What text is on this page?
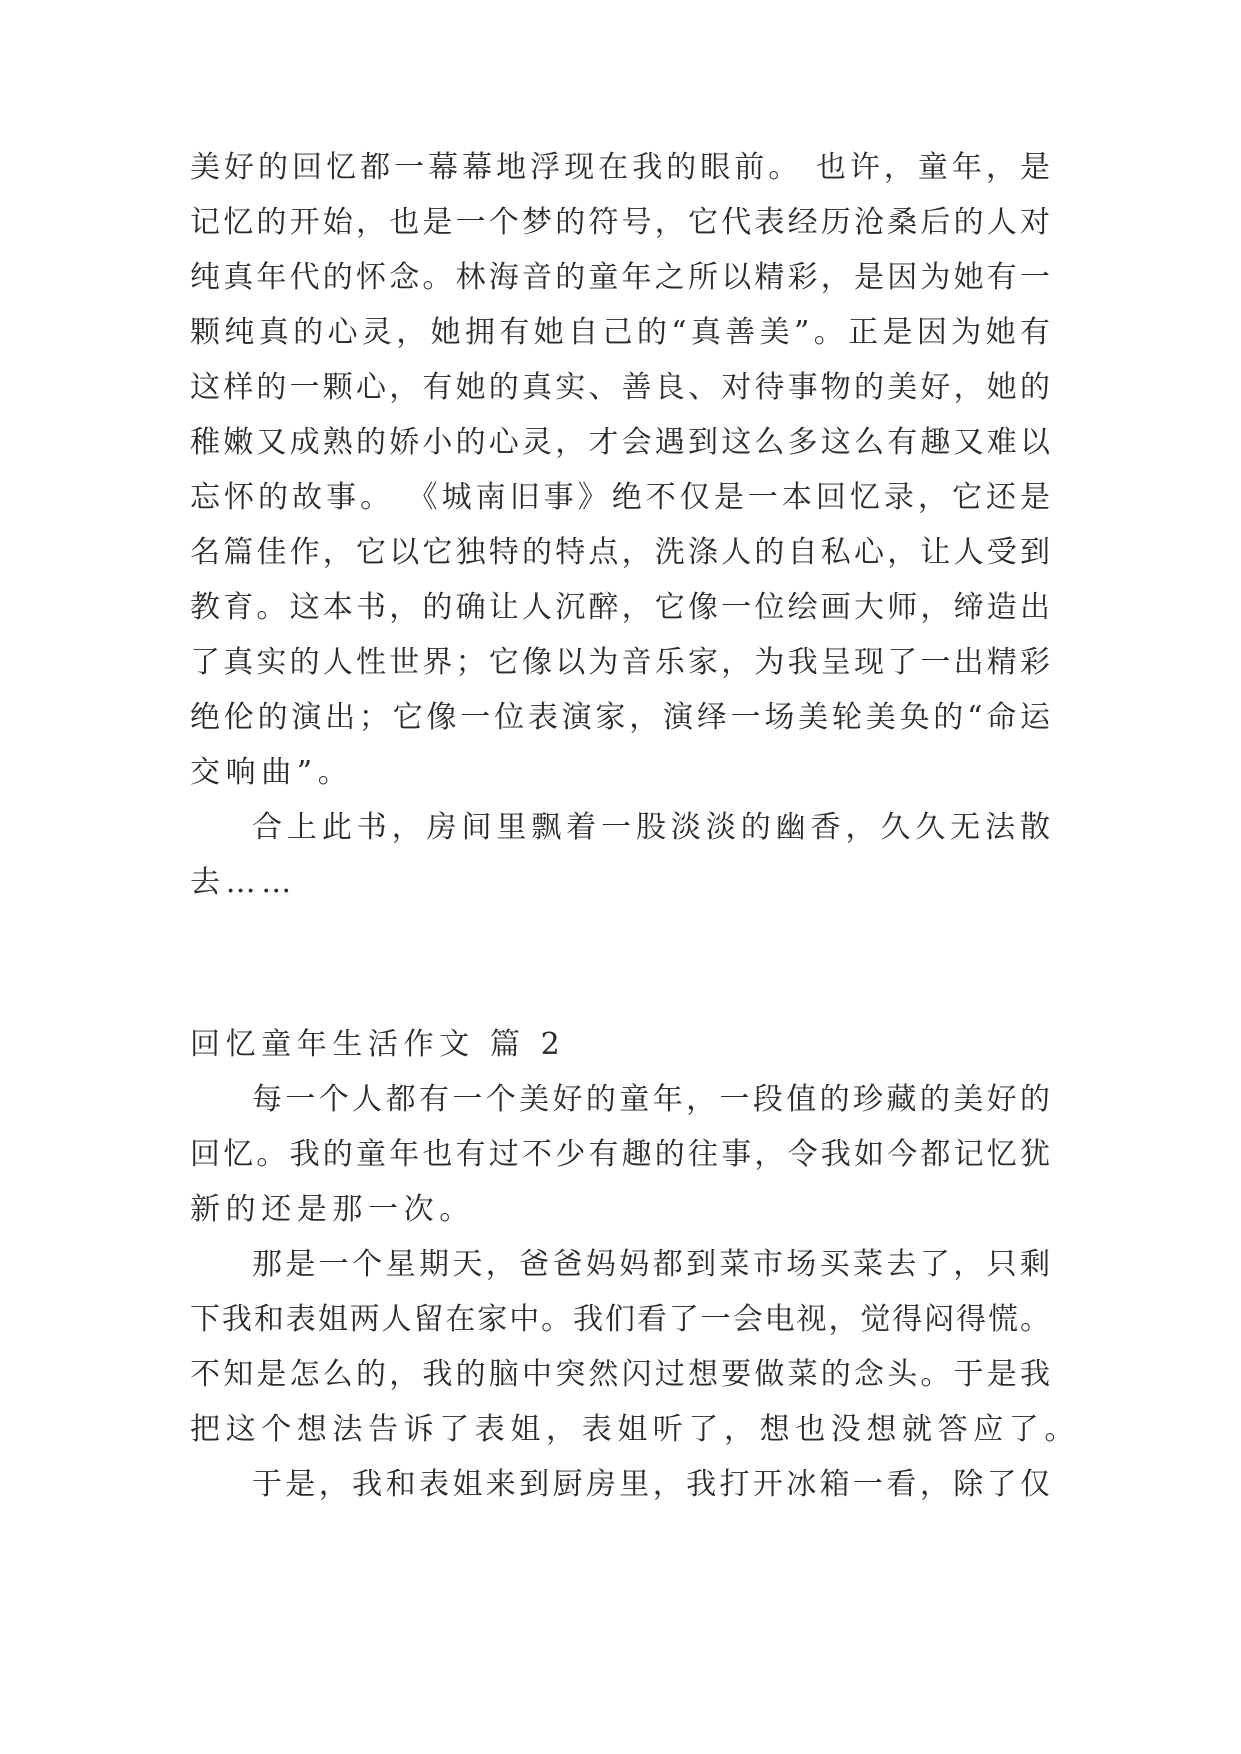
美好的回忆都一幕幕地浮现在我的眼前。 也许，童年，是
记忆的开始，也是一个梦的符号，它代表经历沧桑后的人对
纯真年代的怀念。林海音的童年之所以精彩，是因为她有一
颗纯真的心灵，她拥有她自己的“真善美”。正是因为她有
这样的一颗心，有她的真实、善良、对待事物的美好，她的
稚嫩又成熟的娇小的心灵，才会遇到这么多这么有趣又难以
忘怀的故事。 《城南旧事》绝不仅是一本回忆录，它还是
名篇佳作，它以它独特的特点，洗涤人的自私心，让人受到
教育。这本书，的确让人沉醉，它像一位绘画大师，缔造出
了真实的人性世界；它像以为音乐家，为我呈现了一出精彩
绝伦的演出；它像一位表演家，演绎一场美轮美奂的“命运
交响曲”。
合上此书，房间里飘着一股淡淡的幽香，久久无法散
去……
回忆童年生活作文 篇 2
每一个人都有一个美好的童年，一段值的珍藏的美好的
回忆。我的童年也有过不少有趣的往事，令我如今都记忆犹
新的还是那一次。
那是一个星期天，爸爸妈妈都到菜市场买菜去了，只剩
下我和表姐两人留在家中。我们看了一会电视，觉得闷得慌。
不知是怎么的，我的脑中突然闪过想要做菜的念头。于是我
把这个想法告诉了表姐，表姐听了，想也没想就答应了。
于是，我和表姐来到厨房里，我打开冰箱一看，除了仅
